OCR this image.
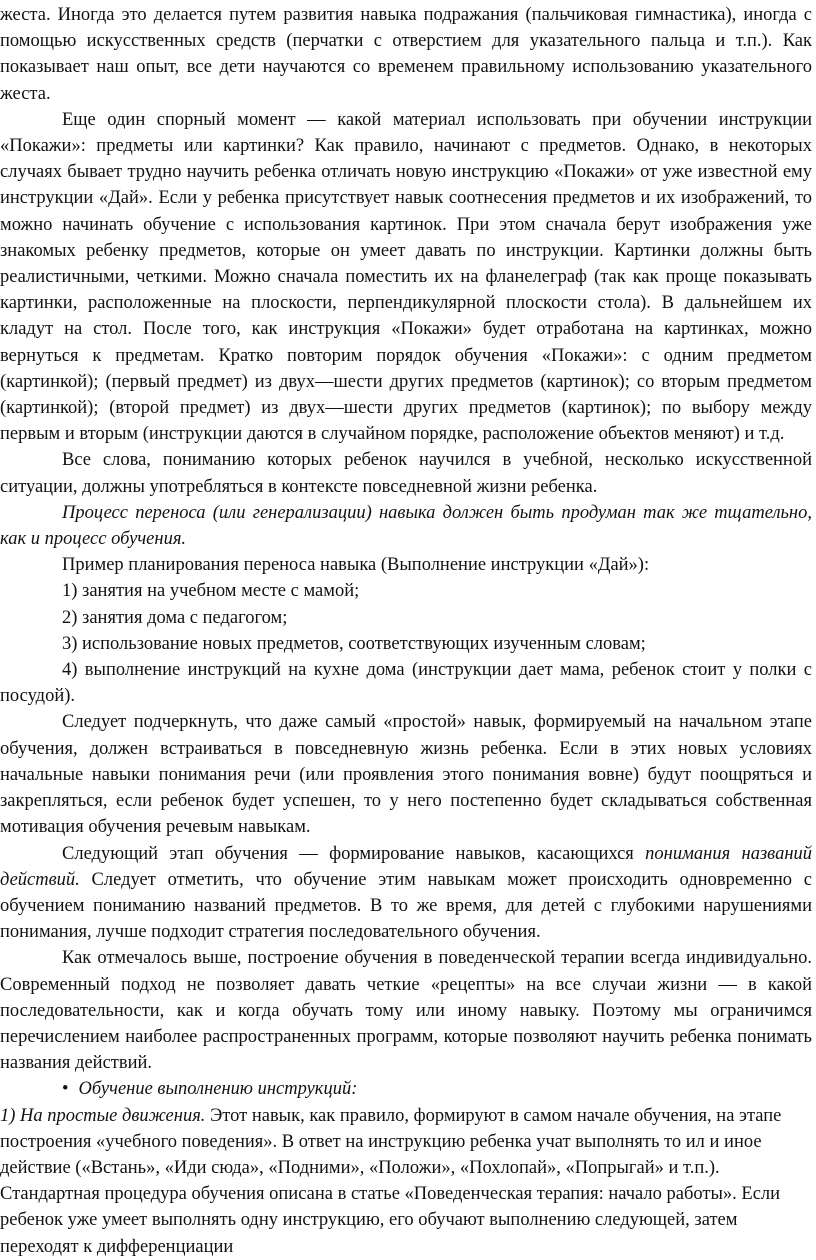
жеста. Иногда это делается путем развития навыка подражания (пальчиковая гимнастика), иногда с помощью искусственных средств (перчатки с отверстием для указательного пальца и т.п.). Как показывает наш опыт, все дети научаются со временем правильному использованию указательного жеста.

Еще один спорный момент — какой материал использовать при обучении инструкции «Покажи»: предметы или картинки? Как правило, начинают с предметов. Однако, в некоторых случаях бывает трудно научить ребенка отличать новую инструкцию «Покажи» от уже известной ему инструкции «Дай». Если у ребенка присутствует навык соотнесения предметов и их изображений, то можно начинать обучение с использования картинок. При этом сначала берут изображения уже знакомых ребенку предметов, которые он умеет давать по инструкции. Картинки должны быть реалистичными, четкими. Можно сначала поместить их на фланелеграф (так как проще показывать картинки, расположенные на плоскости, перпендикулярной плоскости стола). В дальнейшем их кладут на стол. После того, как инструкция «Покажи» будет отработана на картинках, можно вернуться к предметам. Кратко повторим порядок обучения «Покажи»: с одним предметом (картинкой); (первый предмет) из двух—шести других предметов (картинок); со вторым предметом (картинкой); (второй предмет) из двух—шести других предметов (картинок); по выбору между первым и вторым (инструкции даются в случайном порядке, расположение объектов меняют) и т.д.

Все слова, пониманию которых ребенок научился в учебной, несколько искусственной ситуации, должны употребляться в контексте повседневной жизни ребенка.

Процесс переноса (или генерализации) навыка должен быть продуман так же тщательно, как и процесс обучения.

Пример планирования переноса навыка (Выполнение инструкции «Дай»):

1) занятия на учебном месте с мамой;

2) занятия дома с педагогом;

3) использование новых предметов, соответствующих изученным словам;

4) выполнение инструкций на кухне дома (инструкции дает мама, ребенок стоит у полки с посудой).

Следует подчеркнуть, что даже самый «простой» навык, формируемый на начальном этапе обучения, должен встраиваться в повседневную жизнь ребенка. Если в этих новых условиях начальные навыки понимания речи (или проявления этого понимания вовне) будут поощряться и закрепляться, если ребенок будет успешен, то у него постепенно будет складываться собственная мотивация обучения речевым навыкам.

Следующий этап обучения — формирование навыков, касающихся понимания названий действий. Следует отметить, что обучение этим навыкам может происходить одновременно с обучением пониманию названий предметов. В то же время, для детей с глубокими нарушениями понимания, лучше подходит стратегия последовательного обучения.

Как отмечалось выше, построение обучения в поведенческой терапии всегда индивидуально. Современный подход не позволяет давать четкие «рецепты» на все случаи жизни — в какой последовательности, как и когда обучать тому или иному навыку. Поэтому мы ограничимся перечислением наиболее распространенных программ, которые позволяют научить ребенка понимать названия действий.

• Обучение выполнению инструкций:

1) На простые движения. Этот навык, как правило, формируют в самом начале обучения, на этапе построения «учебного поведения». В ответ на инструкцию ребенка учат выполнять то ил и иное действие («Встань», «Иди сюда», «Подними», «Положи», «Похлопай», «Попрыгай» и т.п.). Стандартная процедура обучения описана в статье «Поведенческая терапия: начало работы». Если ребенок уже умеет выполнять одну инструкцию, его обучают выполнению следующей, затем переходят к дифференциации
